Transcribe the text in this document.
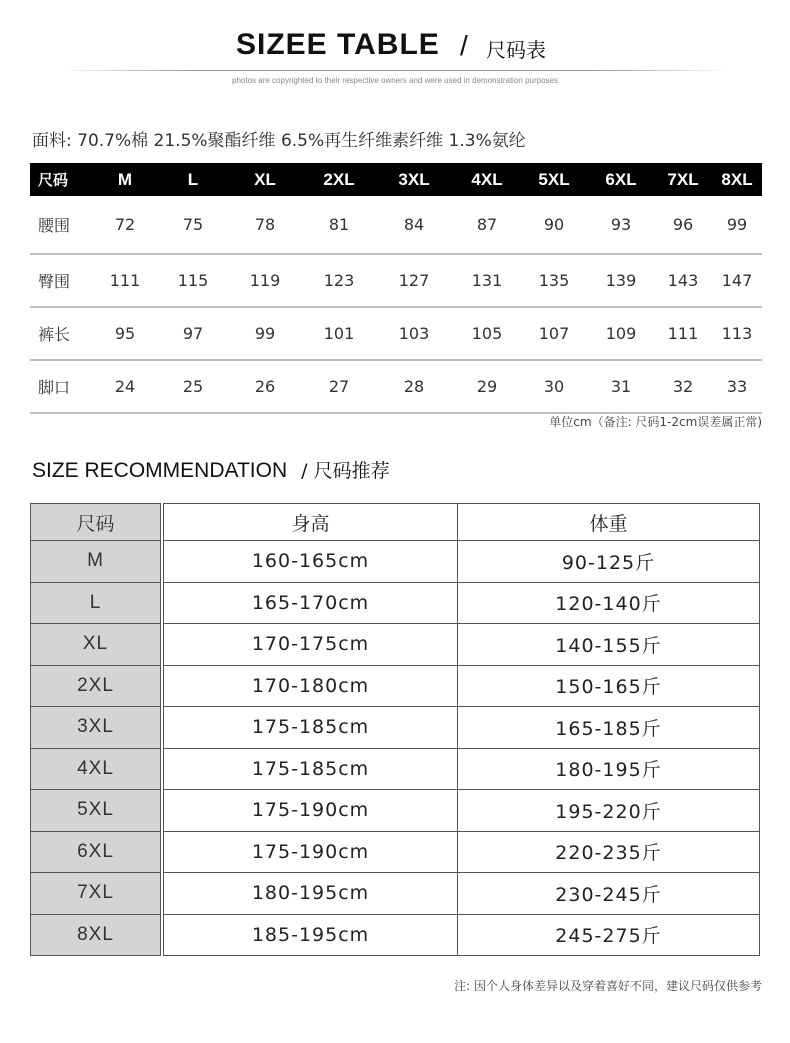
SIZEE TABLE / 尺码表
photos are copyrighted to their respective owners and were used in demonstration purposes
面料: 70.7%棉 21.5%聚酯纤维 6.5%再生纤维素纤维 1.3%氨纶
尺码	M	L	XL	2XL	3XL	4XL	5XL	6XL	7XL	8XL
腰围	72	75	78	81	84	87	90	93	96	99
臀围	111	115	119	123	127	131	135	139	143	147
裤长	95	97	99	101	103	105	107	109	111	113
脚口	24	25	26	27	28	29	30	31	32	33
单位cm（备注: 尺码1-2cm误差属正常)
SIZE RECOMMENDATION / 尺码推荐
尺码		身高	体重
M		160-165cm	90-125斤
L		165-170cm	120-140斤
XL		170-175cm	140-155斤
2XL		170-180cm	150-165斤
3XL		175-185cm	165-185斤
4XL		175-185cm	180-195斤
5XL		175-190cm	195-220斤
6XL		175-190cm	220-235斤
7XL		180-195cm	230-245斤
8XL		185-195cm	245-275斤
注: 因个人身体差异以及穿着喜好不同，建议尺码仅供参考
